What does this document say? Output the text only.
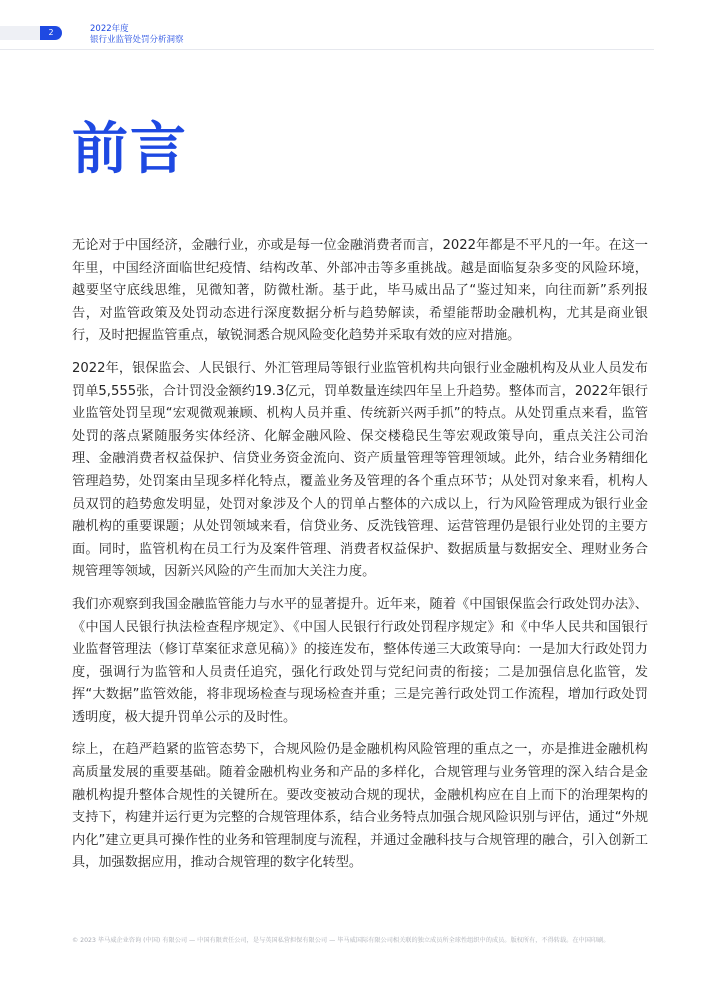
2	2022年度
银行业监管处罚分析洞察
前言

无论对于中国经济，金融行业，亦或是每一位金融消费者而言，2022年都是不平凡的一年。在这一年里，中国经济面临世纪疫情、结构改革、外部冲击等多重挑战。越是面临复杂多变的风险环境，越要坚守底线思维，见微知著，防微杜渐。基于此，毕马威出品了“鉴过知来，向往而新”系列报告，对监管政策及处罚动态进行深度数据分析与趋势解读，希望能帮助金融机构，尤其是商业银行，及时把握监管重点，敏锐洞悉合规风险变化趋势并采取有效的应对措施。

2022年，银保监会、人民银行、外汇管理局等银行业监管机构共向银行业金融机构及从业人员发布罚单5,555张，合计罚没金额约19.3亿元，罚单数量连续四年呈上升趋势。整体而言，2022年银行业监管处罚呈现“宏观微观兼顾、机构人员并重、传统新兴两手抓”的特点。从处罚重点来看，监管处罚的落点紧随服务实体经济、化解金融风险、保交楼稳民生等宏观政策导向，重点关注公司治理、金融消费者权益保护、信贷业务资金流向、资产质量管理等管理领域。此外，结合业务精细化管理趋势，处罚案由呈现多样化特点，覆盖业务及管理的各个重点环节；从处罚对象来看，机构人员双罚的趋势愈发明显，处罚对象涉及个人的罚单占整体的六成以上，行为风险管理成为银行业金融机构的重要课题；从处罚领域来看，信贷业务、反洗钱管理、运营管理仍是银行业处罚的主要方面。同时，监管机构在员工行为及案件管理、消费者权益保护、数据质量与数据安全、理财业务合规管理等领域，因新兴风险的产生而加大关注力度。

我们亦观察到我国金融监管能力与水平的显著提升。近年来，随着《中国银保监会行政处罚办法》、《中国人民银行执法检查程序规定》、《中国人民银行行政处罚程序规定》和《中华人民共和国银行业监督管理法（修订草案征求意见稿）》的接连发布，整体传递三大政策导向：一是加大行政处罚力度，强调行为监管和人员责任追究，强化行政处罚与党纪问责的衔接；二是加强信息化监管，发挥“大数据”监管效能，将非现场检查与现场检查并重；三是完善行政处罚工作流程，增加行政处罚透明度，极大提升罚单公示的及时性。

综上，在趋严趋紧的监管态势下，合规风险仍是金融机构风险管理的重点之一，亦是推进金融机构高质量发展的重要基础。随着金融机构业务和产品的多样化，合规管理与业务管理的深入结合是金融机构提升整体合规性的关键所在。要改变被动合规的现状，金融机构应在自上而下的治理架构的支持下，构建并运行更为完整的合规管理体系，结合业务特点加强合规风险识别与评估，通过“外规内化”建立更具可操作性的业务和管理制度与流程，并通过金融科技与合规管理的融合，引入创新工具，加强数据应用，推动合规管理的数字化转型。

© 2023 毕马威企业咨询 (中国) 有限公司 — 中国有限责任公司，是与英国私营担保有限公司 — 毕马威国际有限公司相关联的独立成员所全球性组织中的成员。版权所有，不得转载。在中国印刷。
